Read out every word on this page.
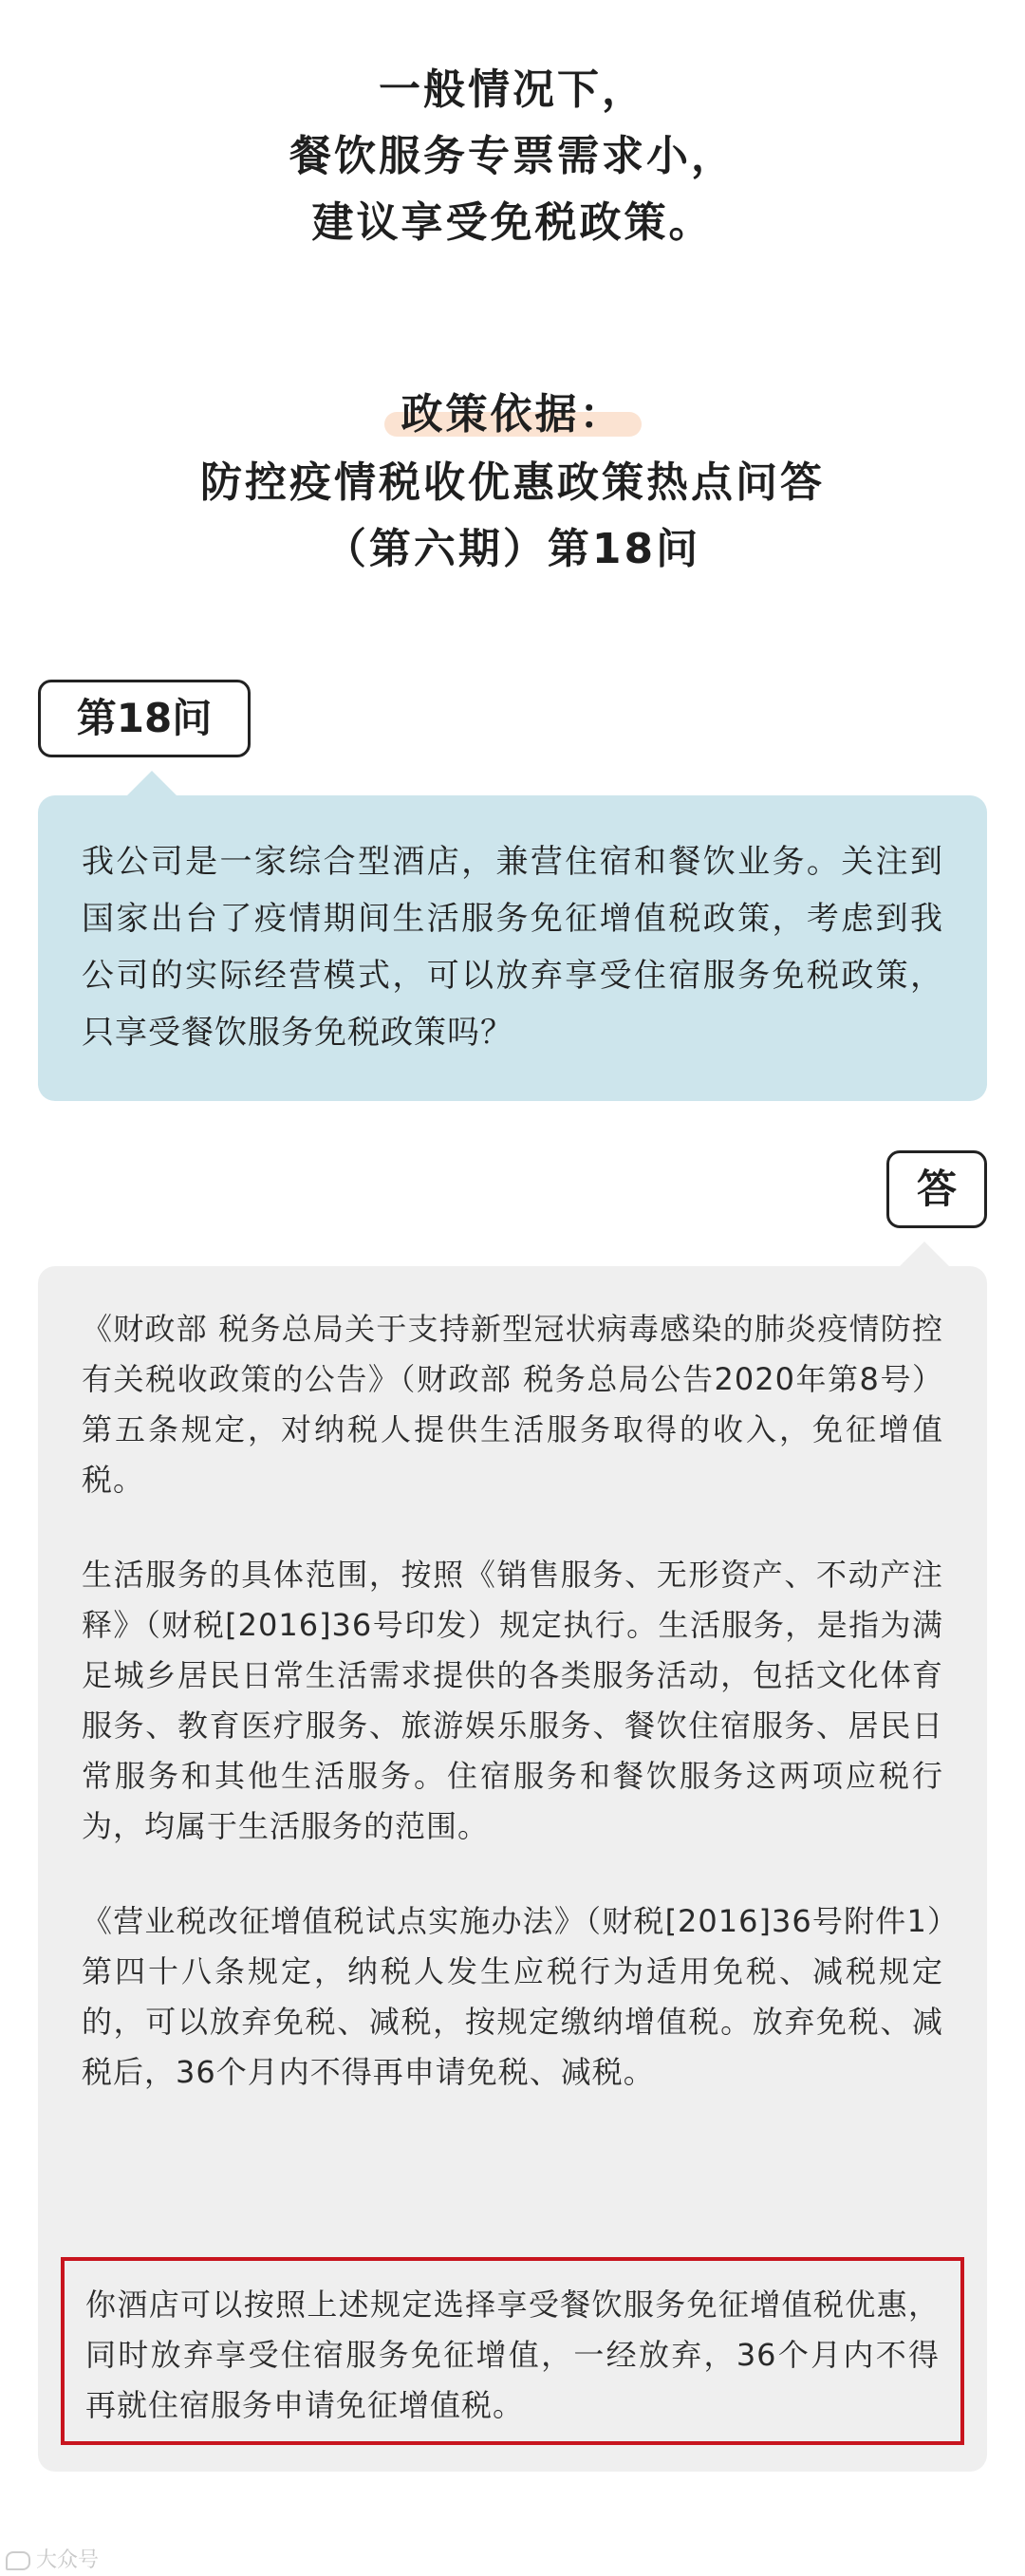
一般情况下，
餐饮服务专票需求小，
建议享受免税政策。
政策依据：
防控疫情税收优惠政策热点问答
（第六期）第18问
第18问
我公司是一家综合型酒店，兼营住宿和餐饮业务。关注到国家出台了疫情期间生活服务免征增值税政策，考虑到我公司的实际经营模式，可以放弃享受住宿服务免税政策，只享受餐饮服务免税政策吗？
答

《财政部 税务总局关于支持新型冠状病毒感染的肺炎疫情防控有关税收政策的公告》（财政部 税务总局公告2020年第8号）第五条规定，对纳税人提供生活服务取得的收入，免征增值税。

生活服务的具体范围，按照《销售服务、无形资产、不动产注释》（财税[2016]36号印发）规定执行。生活服务，是指为满足城乡居民日常生活需求提供的各类服务活动，包括文化体育服务、教育医疗服务、旅游娱乐服务、餐饮住宿服务、居民日常服务和其他生活服务。住宿服务和餐饮服务这两项应税行为，均属于生活服务的范围。

《营业税改征增值税试点实施办法》（财税[2016]36号附件1）第四十八条规定，纳税人发生应税行为适用免税、减税规定的，可以放弃免税、减税，按规定缴纳增值税。放弃免税、减税后，36个月内不得再申请免税、减税。

你酒店可以按照上述规定选择享受餐饮服务免征增值税优惠，同时放弃享受住宿服务免征增值，一经放弃，36个月内不得再就住宿服务申请免征增值税。
大众号
